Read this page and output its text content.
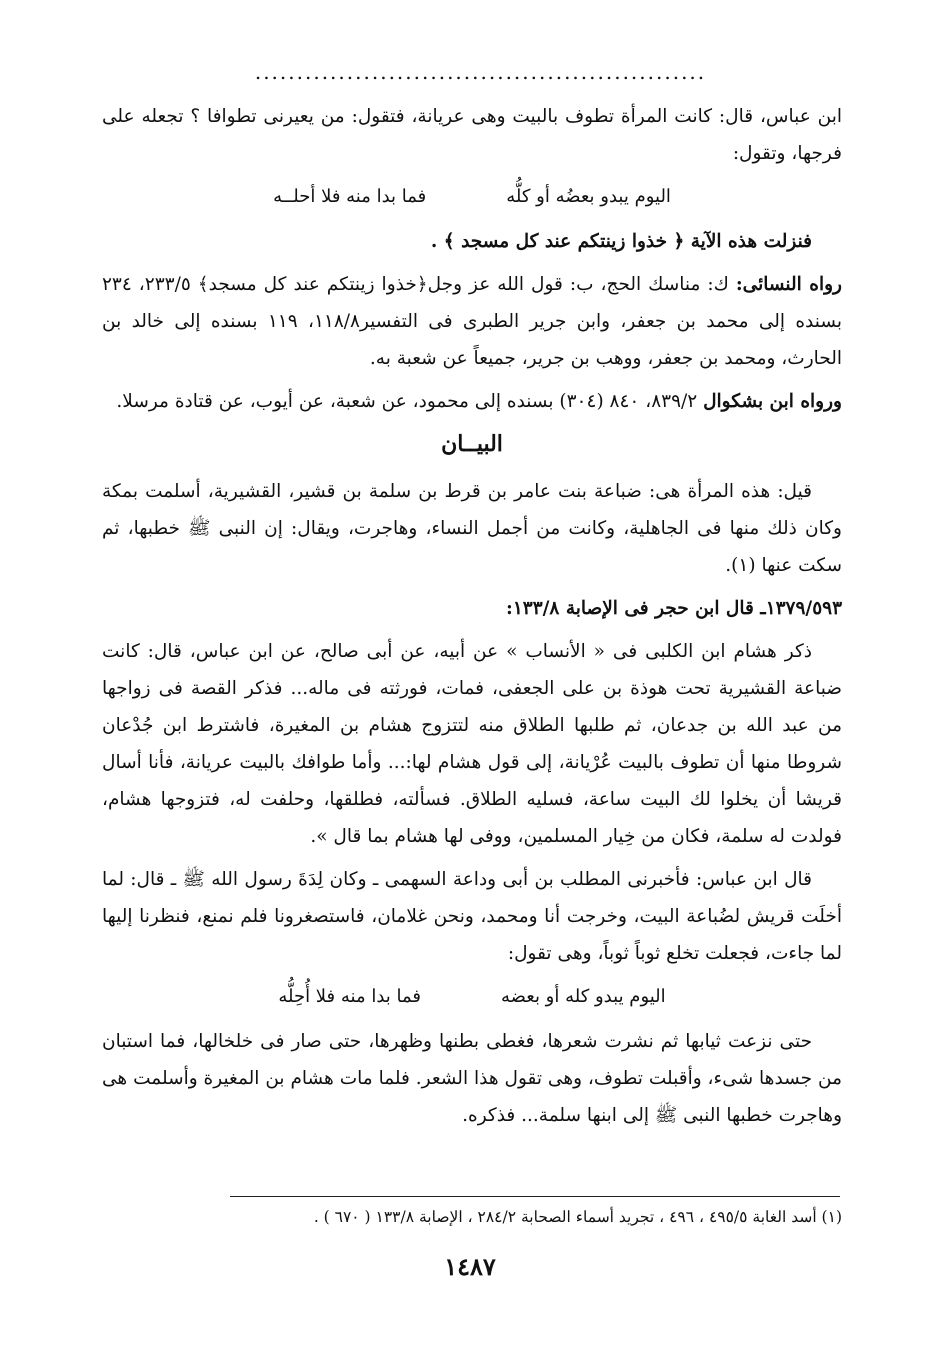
......................................................

ابن عباس، قال: كانت المرأة تطوف بالبيت وهى عريانة، فتقول: من يعيرنى تطوافا ؟ تجعله على فرجها، وتقول:

اليوم يبدو بعضُه أو كلُّه
فما بدا منه فلا أحلــه

فنزلت هذه الآية ﴿ خذوا زينتكم عند كل مسجد ﴾ .

رواه النسائى: ك: مناسك الحج، ب: قول الله عز وجل﴿خذوا زينتكم عند كل مسجد﴾ ٢٣٣/٥، ٢٣٤ بسنده إلى محمد بن جعفر، وابن جرير الطبرى فى التفسير١١٨/٨، ١١٩ بسنده إلى خالد بن الحارث، ومحمد بن جعفر، ووهب بن جرير، جميعاً عن شعبة به.

ورواه ابن بشكوال ٨٣٩/٢، ٨٤٠ (٣٠٤) بسنده إلى محمود، عن شعبة، عن أيوب، عن قتادة مرسلا.

البيــان

قيل: هذه المرأة هى: ضباعة بنت عامر بن قرط بن سلمة بن قشير، القشيرية، أسلمت بمكة وكان ذلك منها فى الجاهلية، وكانت من أجمل النساء، وهاجرت، ويقال: إن النبى ﷺ خطبها، ثم سكت عنها (١).

١٣٧٩/٥٩٣ـ قال ابن حجر فى الإصابة ١٣٣/٨:

ذكر هشام ابن الكلبى فى « الأنساب » عن أبيه، عن أبى صالح، عن ابن عباس، قال: كانت ضباعة القشيرية تحت هوذة بن على الجعفى، فمات، فورثته فى ماله... فذكر القصة فى زواجها من عبد الله بن جدعان، ثم طلبها الطلاق منه لتتزوج هشام بن المغيرة، فاشترط ابن جُدْعان شروطا منها أن تطوف بالبيت عُرْيانة، إلى قول هشام لها:... وأما طوافك بالبيت عريانة، فأنا أسال قريشا أن يخلوا لك البيت ساعة، فسليه الطلاق. فسألته، فطلقها، وحلفت له، فتزوجها هشام، فولدت له سلمة، فكان من خِيار المسلمين، ووفى لها هشام بما قال ».

قال ابن عباس: فأخبرنى المطلب بن أبى وداعة السهمى ـ وكان لِدَةَ رسول الله ﷺ ـ قال: لما أخلَت قريش لضُباعة البيت، وخرجت أنا ومحمد، ونحن غلامان، فاستصغرونا فلم نمنع، فنظرنا إليها لما جاءت، فجعلت تخلع ثوباً ثوباً، وهى تقول:

اليوم يبدو كله أو بعضه
فما بدا منه فلا أُحِلُّه

حتى نزعت ثيابها ثم نشرت شعرها، فغطى بطنها وظهرها، حتى صار فى خلخالها، فما استبان من جسدها شىء، وأقبلت تطوف، وهى تقول هذا الشعر. فلما مات هشام بن المغيرة وأسلمت هى وهاجرت خطبها النبى ﷺ إلى ابنها سلمة... فذكره.

(١) أسد الغابة ٤٩٥/٥ ، ٤٩٦ ، تجريد أسماء الصحابة ٢٨٤/٢ ، الإصابة ١٣٣/٨ ( ٦٧٠ ) .
١٤٨٧
